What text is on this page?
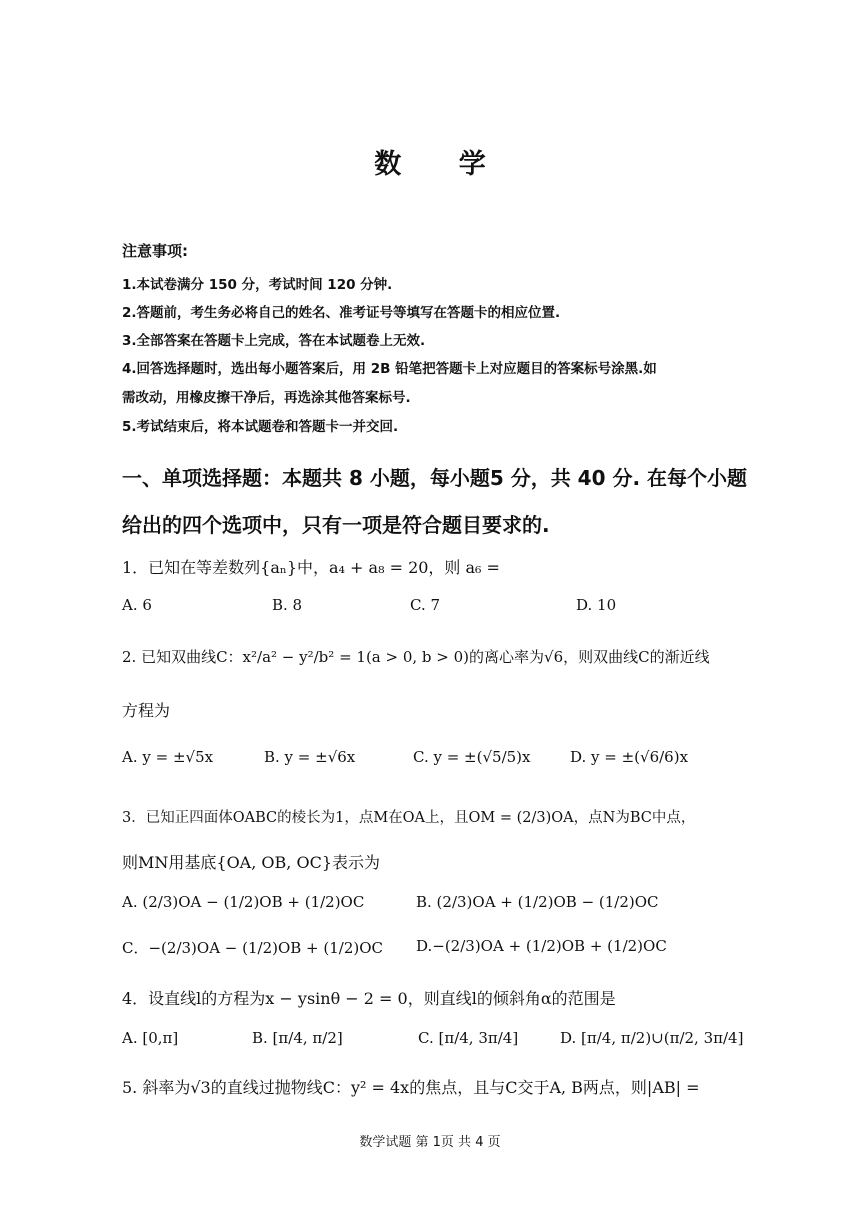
数 学
注意事项:
1.本试卷满分 150 分，考试时间 120 分钟.
2.答题前，考生务必将自己的姓名、准考证号等填写在答题卡的相应位置.
3.全部答案在答题卡上完成，答在本试题卷上无效.
4.回答选择题时，选出每小题答案后，用 2B 铅笔把答题卡上对应题目的答案标号涂黑.如
需改动，用橡皮擦干净后，再选涂其他答案标号.
5.考试结束后，将本试题卷和答题卡一并交回.
一、单项选择题：本题共 8 小题，每小题5 分，共 40 分. 在每个小题
给出的四个选项中，只有一项是符合题目要求的.
1．已知在等差数列{aₙ}中，a₄ + a₈ = 20，则 a₆ =
A. 6	B. 8	C. 7	D. 10
2. 已知双曲线C：x²/a² − y²/b² = 1(a > 0, b > 0)的离心率为√6，则双曲线C的渐近线
方程为
A. y = ±√5x	B. y = ±√6x	C. y = ±(√5/5)x	D. y = ±(√6/6)x
3．已知正四面体OABC的棱长为1，点M在OA上，且OM = (2/3)OA，点N为BC中点，
则MN用基底{OA, OB, OC}表示为
A. (2/3)OA − (1/2)OB + (1/2)OC	B. (2/3)OA + (1/2)OB − (1/2)OC
C．−(2/3)OA − (1/2)OB + (1/2)OC D.−(2/3)OA + (1/2)OB + (1/2)OC
4．设直线l的方程为x − ysinθ − 2 = 0，则直线l的倾斜角α的范围是
A. [0,π]	B. [π/4, π/2]	C. [π/4, 3π/4]	D. [π/4, π/2)∪(π/2, 3π/4]
5. 斜率为√3的直线过抛物线C：y² = 4x的焦点，且与C交于A, B两点，则|AB| =
数学试题 第 1页 共 4 页
